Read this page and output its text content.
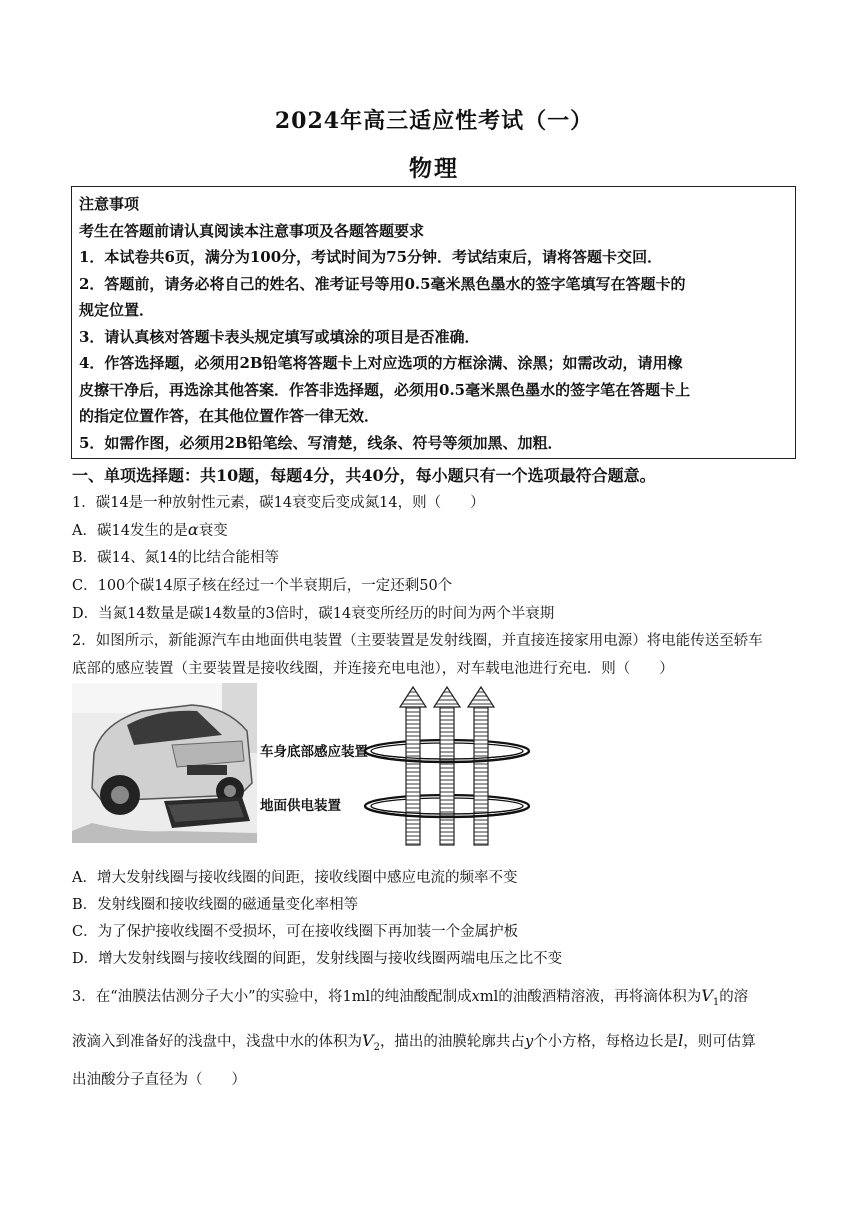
2024年高三适应性考试（一）
物理
注意事项
考生在答题前请认真阅读本注意事项及各题答题要求
1．本试卷共6页，满分为100分，考试时间为75分钟．考试结束后，请将答题卡交回．
2．答题前，请务必将自己的姓名、准考证号等用0.5毫米黑色墨水的签字笔填写在答题卡的
规定位置．
3．请认真核对答题卡表头规定填写或填涂的项目是否准确．
4．作答选择题，必须用2B铅笔将答题卡上对应选项的方框涂满、涂黑；如需改动，请用橡
皮擦干净后，再选涂其他答案．作答非选择题，必须用0.5毫米黑色墨水的签字笔在答题卡上
的指定位置作答，在其他位置作答一律无效．
5．如需作图，必须用2B铅笔绘、写清楚，线条、符号等须加黑、加粗．
一、单项选择题：共10题，每题4分，共40分，每小题只有一个选项最符合题意。
1．碳14是一种放射性元素，碳14衰变后变成氮14，则（　　）
A．碳14发生的是α衰变
B．碳14、氮14的比结合能相等
C．100个碳14原子核在经过一个半衰期后，一定还剩50个
D．当氮14数量是碳14数量的3倍时，碳14衰变所经历的时间为两个半衰期
2．如图所示，新能源汽车由地面供电装置（主要装置是发射线圈，并直接连接家用电源）将电能传送至轿车
底部的感应装置（主要装置是接收线圈，并连接充电电池），对车载电池进行充电．则（　　）
车身底部感应装置
地面供电装置
A．增大发射线圈与接收线圈的间距，接收线圈中感应电流的频率不变
B．发射线圈和接收线圈的磁通量变化率相等
C．为了保护接收线圈不受损坏，可在接收线圈下再加装一个金属护板
D．增大发射线圈与接收线圈的间距，发射线圈与接收线圈两端电压之比不变
3．在“油膜法估测分子大小”的实验中，将1ml的纯油酸配制成xml的油酸酒精溶液，再将滴体积为$V_1$的溶
液滴入到准备好的浅盘中，浅盘中水的体积为$V_2$，描出的油膜轮廓共占y个小方格，每格边长是l，则可估算
出油酸分子直径为（　　）
